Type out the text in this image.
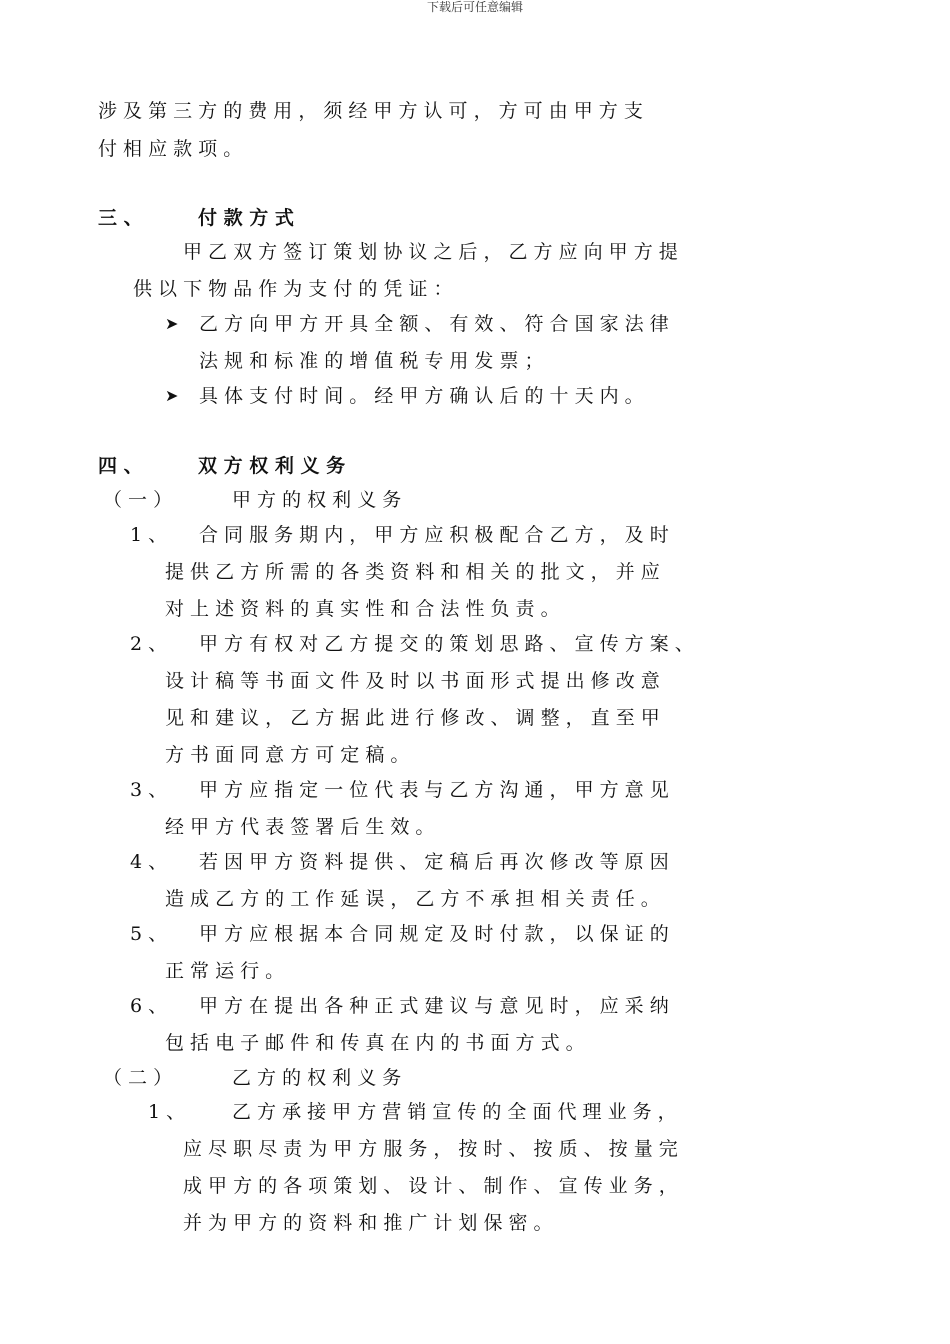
下载后可任意编辑
涉 及 第 三 方 的 费 用 ， 须 经 甲 方 认 可 ， 方 可 由 甲 方 支
付 相 应 款 项 。
三 、	付 款 方 式
甲 乙 双 方 签 订 策 划 协 议 之 后 ， 乙 方 应 向 甲 方 提
供 以 下 物 品 作 为 支 付 的 凭 证 ：
➤ 乙 方 向 甲 方 开 具 全 额 、 有 效 、 符 合 国 家 法 律
法 规 和 标 准 的 增 值 税 专 用 发 票 ；
➤ 具 体 支 付 时 间 。 经 甲 方 确 认 后 的 十 天 内 。
四 、	双 方 权 利 义 务
（ 一 ）	甲 方 的 权 利 义 务
1 、 合 同 服 务 期 内 ， 甲 方 应 积 极 配 合 乙 方 ， 及 时
提 供 乙 方 所 需 的 各 类 资 料 和 相 关 的 批 文 ， 并 应
对 上 述 资 料 的 真 实 性 和 合 法 性 负 责 。
2 、 甲 方 有 权 对 乙 方 提 交 的 策 划 思 路 、 宣 传 方 案 、
设 计 稿 等 书 面 文 件 及 时 以 书 面 形 式 提 出 修 改 意
见 和 建 议 ， 乙 方 据 此 进 行 修 改 、 调 整 ， 直 至 甲
方 书 面 同 意 方 可 定 稿 。
3 、 甲 方 应 指 定 一 位 代 表 与 乙 方 沟 通 ， 甲 方 意 见
经 甲 方 代 表 签 署 后 生 效 。
4 、 若 因 甲 方 资 料 提 供 、 定 稿 后 再 次 修 改 等 原 因
造 成 乙 方 的 工 作 延 误 ， 乙 方 不 承 担 相 关 责 任 。
5 、 甲 方 应 根 据 本 合 同 规 定 及 时 付 款 ， 以 保 证 的
正 常 运 行 。
6 、 甲 方 在 提 出 各 种 正 式 建 议 与 意 见 时 ， 应 采 纳
包 括 电 子 邮 件 和 传 真 在 内 的 书 面 方 式 。
（ 二 ）	乙 方 的 权 利 义 务
1 、 乙 方 承 接 甲 方 营 销 宣 传 的 全 面 代 理 业 务 ，
应 尽 职 尽 责 为 甲 方 服 务 ， 按 时 、 按 质 、 按 量 完
成 甲 方 的 各 项 策 划 、 设 计 、 制 作 、 宣 传 业 务 ，
并 为 甲 方 的 资 料 和 推 广 计 划 保 密 。
